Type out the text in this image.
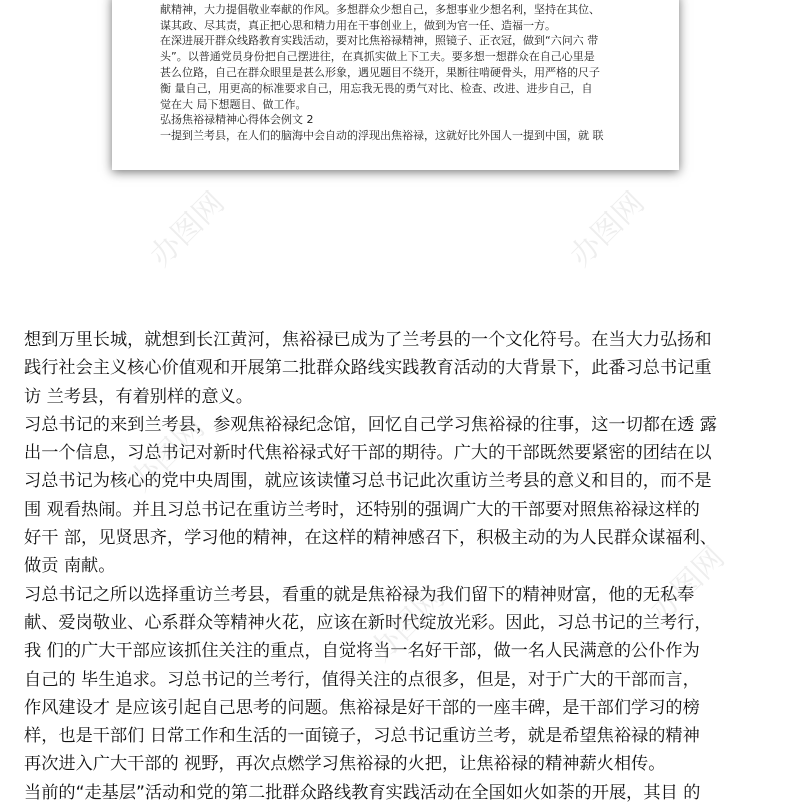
献精神，大力提倡敬业奉献的作风。多想群众少想自己，多想事业少想名利，坚持在其位、

谋其政、尽其责，真正把心思和精力用在干事创业上，做到为官一任、造福一方。

在深进展开群众线路教育实践活动，要对比焦裕禄精神，照镜子、正衣冠，做到“六问六 带

头”。以普通党员身份把自己摆进往，在真抓实做上下工夫。要多想一想群众在自己心里是

甚么位路，自己在群众眼里是甚么形象，遇见题目不绕开，果断往啃硬骨头，用严格的尺子

衡 量自己，用更高的标准要求自己，用忘我无畏的勇气对比、检查、改进、进步自己，自

觉在大 局下想题目、做工作。

弘扬焦裕禄精神心得体会例文 2

一提到兰考县，在人们的脑海中会自动的浮现出焦裕禄，这就好比外国人一提到中国，就 联

办图网	办图网

想到万里长城，就想到长江黄河，焦裕禄已成为了兰考县的一个文化符号。在当大力弘扬和

践行社会主义核心价值观和开展第二批群众路线实践教育活动的大背景下，此番习总书记重

访 兰考县，有着别样的意义。

习总书记的来到兰考县，参观焦裕禄纪念馆，回忆自己学习焦裕禄的往事，这一切都在透 露

出一个信息，习总书记对新时代焦裕禄式好干部的期待。广大的干部既然要紧密的团结在以

习总书记为核心的党中央周围，就应该读懂习总书记此次重访兰考县的意义和目的，而不是

围 观看热闹。并且习总书记在重访兰考时，还特别的强调广大的干部要对照焦裕禄这样的

好干 部，见贤思齐，学习他的精神，在这样的精神感召下，积极主动的为人民群众谋福利、

做贡 南献。

习总书记之所以选择重访兰考县，看重的就是焦裕禄为我们留下的精神财富，他的无私奉

献、爱岗敬业、心系群众等精神火花，应该在新时代绽放光彩。因此，习总书记的兰考行，

我 们的广大干部应该抓住关注的重点，自觉将当一名好干部，做一名人民满意的公仆作为

自己的 毕生追求。习总书记的兰考行，值得关注的点很多，但是，对于广大的干部而言，

作风建设才 是应该引起自己思考的问题。焦裕禄是好干部的一座丰碑，是干部们学习的榜

样，也是干部们 日常工作和生活的一面镜子，习总书记重访兰考，就是希望焦裕禄的精神

再次进入广大干部的 视野，再次点燃学习焦裕禄的火把，让焦裕禄的精神薪火相传。

当前的“走基层”活动和党的第二批群众路线教育实践活动在全国如火如荼的开展，其目 的

办图网
办图网	办图网
